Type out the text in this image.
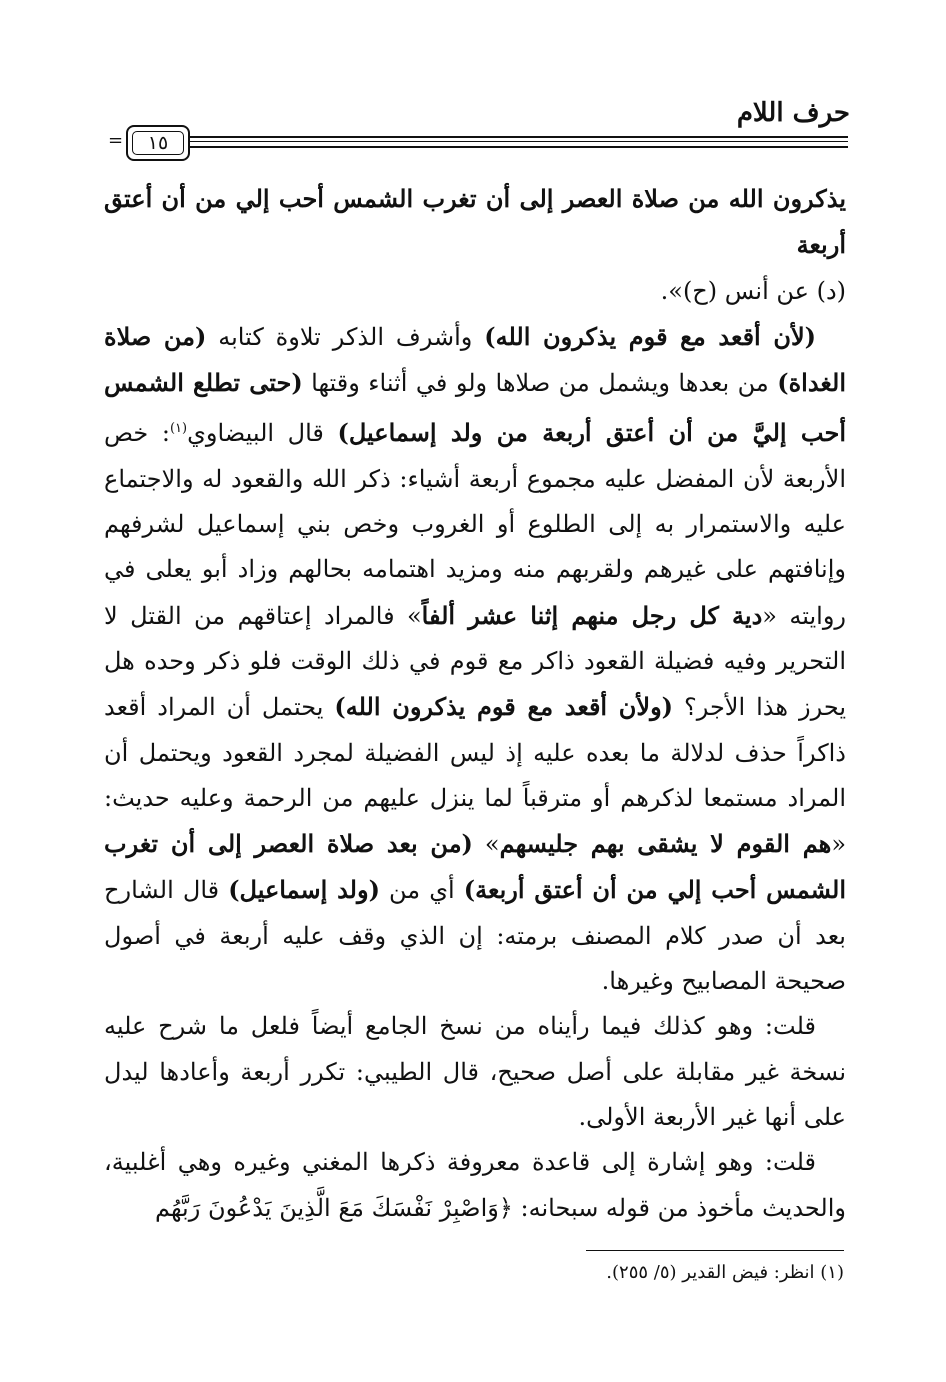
حرف اللام
١٥
=

يذكرون الله من صلاة العصر إلى أن تغرب الشمس أحب إلي من أن أعتق أربعة
(د) عن أنس (ح)».

(لأن أقعد مع قوم يذكرون الله) وأشرف الذكر تلاوة كتابه (من صلاة الغداة) من بعدها ويشمل من صلاها ولو في أثناء وقتها (حتى تطلع الشمس أحب إليَّ من أن أعتق أربعة من ولد إسماعيل) قال البيضاوي$^{(١)}$: خص الأربعة لأن المفضل عليه مجموع أربعة أشياء: ذكر الله والقعود له والاجتماع عليه والاستمرار به إلى الطلوع أو الغروب وخص بني إسماعيل لشرفهم وإنافتهم على غيرهم ولقربهم منه ومزيد اهتمامه بحالهم وزاد أبو يعلى في روايته «دية كل رجل منهم إثنا عشر ألفاً» فالمراد إعتاقهم من القتل لا التحرير وفيه فضيلة القعود ذاكر مع قوم في ذلك الوقت فلو ذكر وحده هل يحرز هذا الأجر؟ (ولأن أقعد مع قوم يذكرون الله) يحتمل أن المراد أقعد ذاكراً حذف لدلالة ما بعده عليه إذ ليس الفضيلة لمجرد القعود ويحتمل أن المراد مستمعا لذكرهم أو مترقباً لما ينزل عليهم من الرحمة وعليه حديث: «هم القوم لا يشقى بهم جليسهم» (من بعد صلاة العصر إلى أن تغرب الشمس أحب إلي من أن أعتق أربعة) أي من (ولد إسماعيل) قال الشارح بعد أن صدر كلام المصنف برمته: إن الذي وقف عليه أربعة في أصول صحيحة المصابيح وغيرها.

قلت: وهو كذلك فيما رأيناه من نسخ الجامع أيضاً فلعل ما شرح عليه نسخة غير مقابلة على أصل صحيح، قال الطيبي: تكرر أربعة وأعادها ليدل على أنها غير الأربعة الأولى.

قلت: وهو إشارة إلى قاعدة معروفة ذكرها المغني وغيره وهي أغلبية، والحديث مأخوذ من قوله سبحانه: ﴿وَاصْبِرْ نَفْسَكَ مَعَ الَّذِينَ يَدْعُونَ رَبَّهُم

(١) انظر: فيض القدير (٥/ ٢٥٥).
